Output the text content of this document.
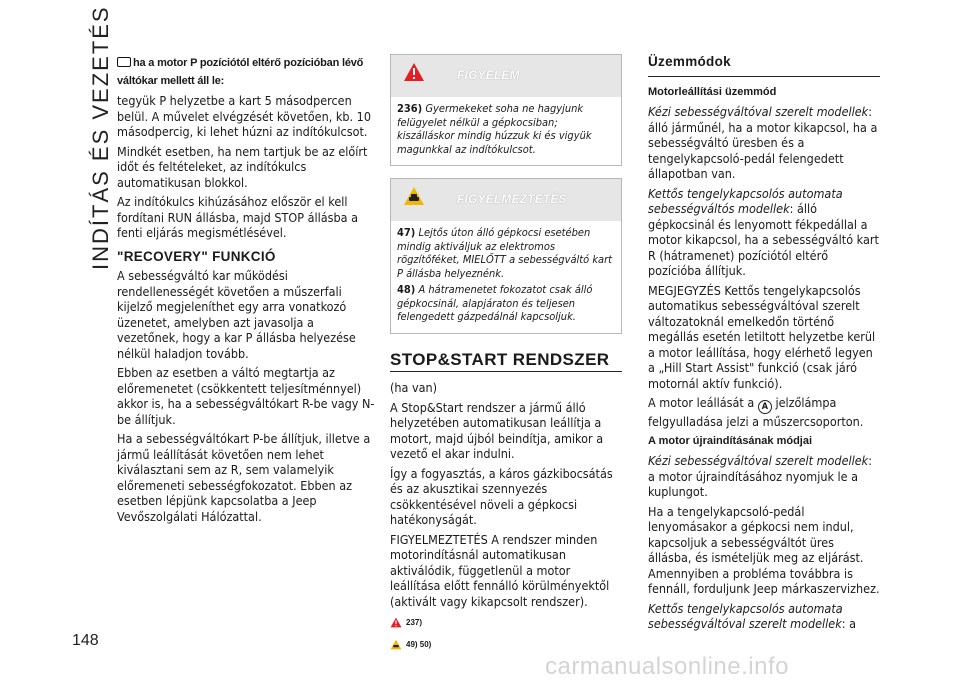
INDÍTÁS ÉS VEZETÉS
148

ha a motor P pozíciótól eltérő pozícióban lévő váltókar mellett áll le:

tegyük P helyzetbe a kart 5 másodpercen belül. A művelet elvégzését követően, kb. 10 másodpercig, ki lehet húzni az indítókulcsot.

Mindkét esetben, ha nem tartjuk be az előírt időt és feltételeket, az indítókulcs automatikusan blokkol.

Az indítókulcs kihúzásához először el kell fordítani RUN állásba, majd STOP állásba a fenti eljárás megismétlésével.

"RECOVERY" FUNKCIÓ

A sebességváltó kar működési rendellenességét követően a műszerfali kijelző megjeleníthet egy arra vonatkozó üzenetet, amelyben azt javasolja a vezetőnek, hogy a kar P állásba helyezése nélkül haladjon tovább.

Ebben az esetben a váltó megtartja az előremenetet (csökkentett teljesítménnyel) akkor is, ha a sebességváltókart R-be vagy N-be állítjuk.

Ha a sebességváltókart P-be állítjuk, illetve a jármű leállítását követően nem lehet kiválasztani sem az R, sem valamelyik előremeneti sebességfokozatot. Ebben az esetben lépjünk kapcsolatba a Jeep Vevőszolgálati Hálózattal.

FIGYELEM

236) Gyermekeket soha ne hagyjunk felügyelet nélkül a gépkocsiban; kiszálláskor mindig húzzuk ki és vigyük magunkkal az indítókulcsot.

FIGYELMEZTETÉS

47) Lejtős úton álló gépkocsi esetében mindig aktiváljuk az elektromos rögzítőféket, MIELŐTT a sebességváltó kart P állásba helyeznénk.

48) A hátramenetet fokozatot csak álló gépkocsinál, alapjáraton és teljesen felengedett gázpedálnál kapcsoljuk.

STOP&START RENDSZER

(ha van)

A Stop&Start rendszer a jármű álló helyzetében automatikusan leállítja a motort, majd újból beindítja, amikor a vezető el akar indulni.

Így a fogyasztás, a káros gázkibocsátás és az akusztikai szennyezés csökkentésével növeli a gépkocsi hatékonyságát.

FIGYELMEZTETÉS A rendszer minden motorindításnál automatikusan aktiválódik, függetlenül a motor leállítása előtt fennálló körülményektől (aktivált vagy kikapcsolt rendszer).

237)
49) 50)
Üzemmódok
Motorleállítási üzemmód

Kézi sebességváltóval szerelt modellek: álló járműnél, ha a motor kikapcsol, ha a sebességváltó üresben és a tengelykapcsoló-pedál felengedett állapotban van.

Kettős tengelykapcsolós automata sebességváltós modellek: álló gépkocsinál és lenyomott fékpedállal a motor kikapcsol, ha a sebességváltó kart R (hátramenet) pozíciótól eltérő pozícióba állítjuk.

MEGJEGYZÉS Kettős tengelykapcsolós automatikus sebességváltóval szerelt változatoknál emelkedőn történő megállás esetén letiltott helyzetbe kerül a motor leállítása, hogy elérhető legyen a „Hill Start Assist" funkció (csak járó motornál aktív funkció).

A motor leállását a A jelzőlámpa felgyulladása jelzi a műszercsoporton.

A motor újraindításának módjai

Kézi sebességváltóval szerelt modellek: a motor újraindításához nyomjuk le a kuplungot.

Ha a tengelykapcsoló-pedál lenyomásakor a gépkocsi nem indul, kapcsoljuk a sebességváltót üres állásba, és ismételjük meg az eljárást. Amennyiben a probléma továbbra is fennáll, forduljunk Jeep márkaszervizhez.

Kettős tengelykapcsolós automata sebességváltóval szerelt modellek: a

carmanualsonline.info
